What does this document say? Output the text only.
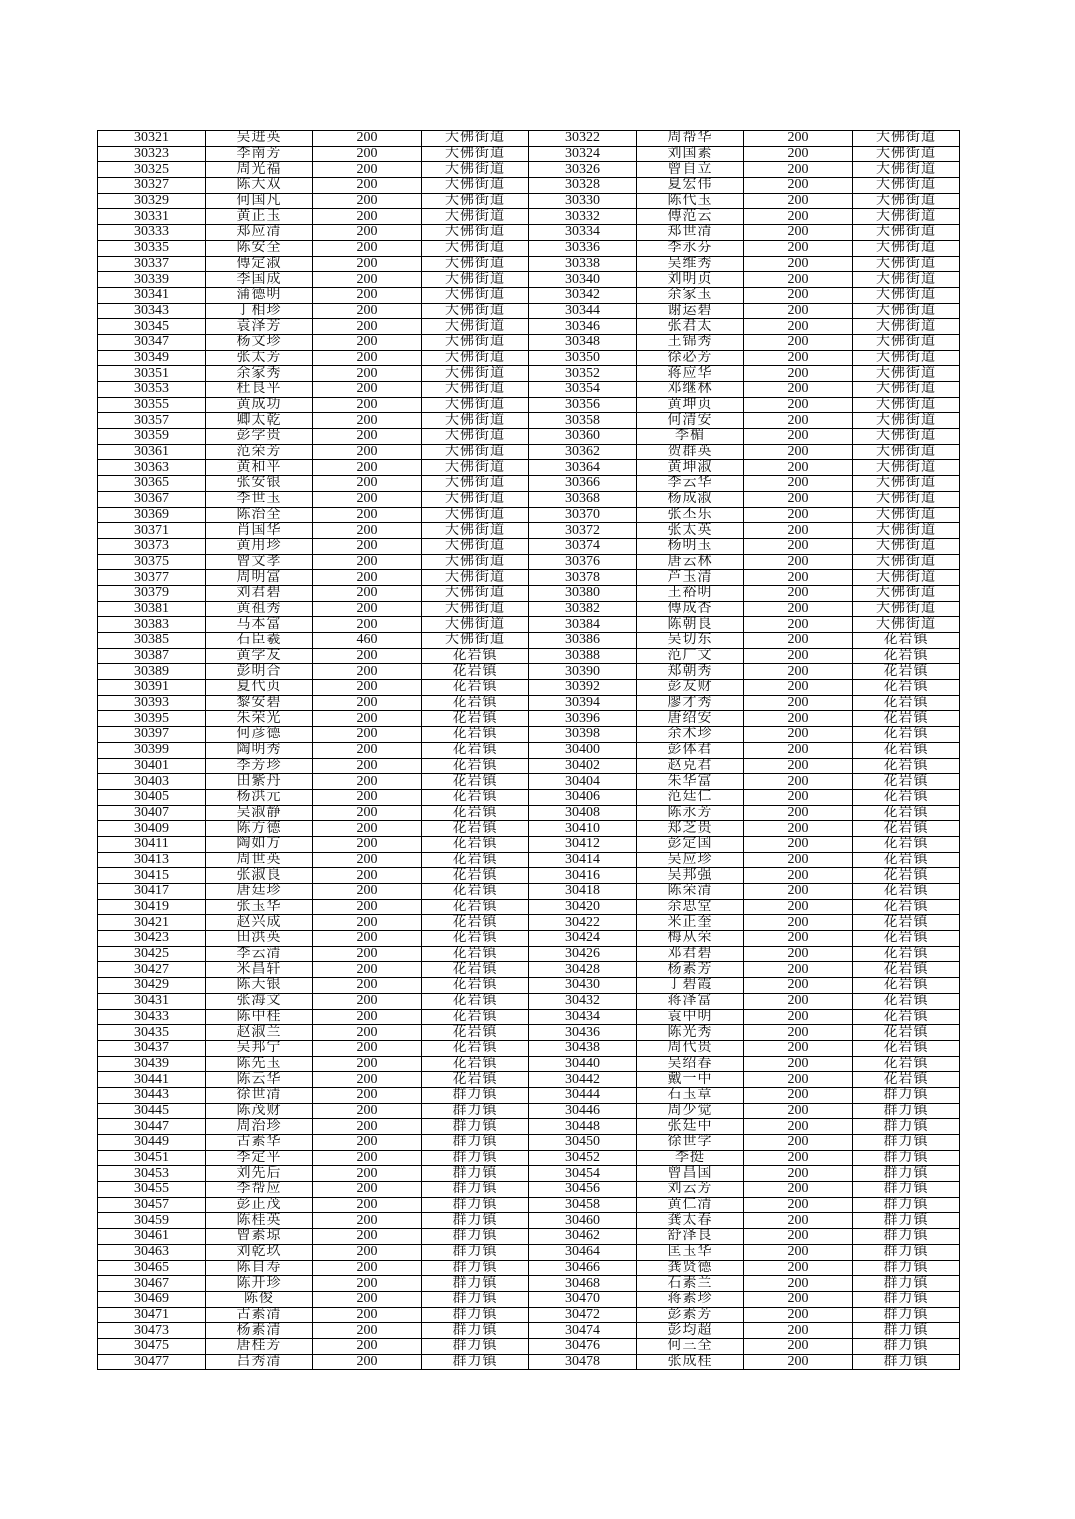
30321	吴进英	200	大佛街道	30322	周帮华	200	大佛街道
30323	李南芳	200	大佛街道	30324	刘国素	200	大佛街道
30325	周光福	200	大佛街道	30326	曾自立	200	大佛街道
30327	陈大双	200	大佛街道	30328	夏宏伟	200	大佛街道
30329	何国凡	200	大佛街道	30330	陈代玉	200	大佛街道
30331	黄正玉	200	大佛街道	30332	傅范云	200	大佛街道
30333	郑应清	200	大佛街道	30334	郑世清	200	大佛街道
30335	陈安全	200	大佛街道	30336	李永芬	200	大佛街道
30337	傅定淑	200	大佛街道	30338	吴维秀	200	大佛街道
30339	李国成	200	大佛街道	30340	刘明贞	200	大佛街道
30341	蒲德明	200	大佛街道	30342	余家玉	200	大佛街道
30343	丁相珍	200	大佛街道	30344	谢运碧	200	大佛街道
30345	袁泽芳	200	大佛街道	30346	张君太	200	大佛街道
30347	杨文珍	200	大佛街道	30348	王锦秀	200	大佛街道
30349	张太芳	200	大佛街道	30350	徐必芳	200	大佛街道
30351	余家秀	200	大佛街道	30352	蒋应华	200	大佛街道
30353	杜良平	200	大佛街道	30354	邓继林	200	大佛街道
30355	黄成功	200	大佛街道	30356	黄坤贞	200	大佛街道
30357	卿太乾	200	大佛街道	30358	何清安	200	大佛街道
30359	彭学贵	200	大佛街道	30360	李楣	200	大佛街道
30361	范荣芳	200	大佛街道	30362	贺群英	200	大佛街道
30363	黄和平	200	大佛街道	30364	黄坤淑	200	大佛街道
30365	张安银	200	大佛街道	30366	李云华	200	大佛街道
30367	李世玉	200	大佛街道	30368	杨成淑	200	大佛街道
30369	陈治全	200	大佛街道	30370	张丕乐	200	大佛街道
30371	肖国华	200	大佛街道	30372	张太英	200	大佛街道
30373	黄用珍	200	大佛街道	30374	杨明玉	200	大佛街道
30375	曾文孝	200	大佛街道	30376	唐云林	200	大佛街道
30377	周明富	200	大佛街道	30378	芦玉清	200	大佛街道
30379	刘君碧	200	大佛街道	30380	王裕明	200	大佛街道
30381	黄祖秀	200	大佛街道	30382	傅成杏	200	大佛街道
30383	马本富	200	大佛街道	30384	陈朝良	200	大佛街道
30385	石臣羲	460	大佛街道	30386	吴切东	200	花岩镇
30387	黄学友	200	花岩镇	30388	范广文	200	花岩镇
30389	彭明合	200	花岩镇	30390	郑朝秀	200	花岩镇
30391	夏代贞	200	花岩镇	30392	彭友财	200	花岩镇
30393	黎安碧	200	花岩镇	30394	廖才秀	200	花岩镇
30395	朱荣光	200	花岩镇	30396	唐绍安	200	花岩镇
30397	何彦德	200	花岩镇	30398	余术珍	200	花岩镇
30399	陶明秀	200	花岩镇	30400	彭体君	200	花岩镇
30401	李芳珍	200	花岩镇	30402	赵克君	200	花岩镇
30403	田紫丹	200	花岩镇	30404	朱华富	200	花岩镇
30405	杨洪元	200	花岩镇	30406	范廷仁	200	花岩镇
30407	吴淑静	200	花岩镇	30408	陈永芳	200	花岩镇
30409	陈方德	200	花岩镇	30410	郑芝贵	200	花岩镇
30411	陶如方	200	花岩镇	30412	彭定国	200	花岩镇
30413	周世英	200	花岩镇	30414	吴应珍	200	花岩镇
30415	张淑良	200	花岩镇	30416	吴邦强	200	花岩镇
30417	唐廷珍	200	花岩镇	30418	陈荣清	200	花岩镇
30419	张玉华	200	花岩镇	30420	余思堂	200	花岩镇
30421	赵兴成	200	花岩镇	30422	米正奎	200	花岩镇
30423	田洪英	200	花岩镇	30424	梅从荣	200	花岩镇
30425	李云清	200	花岩镇	30426	邓君碧	200	花岩镇
30427	米昌轩	200	花岩镇	30428	杨素芳	200	花岩镇
30429	陈天银	200	花岩镇	30430	丁碧霞	200	花岩镇
30431	张海文	200	花岩镇	30432	蒋泽富	200	花岩镇
30433	陈中桂	200	花岩镇	30434	袁中明	200	花岩镇
30435	赵淑兰	200	花岩镇	30436	陈光秀	200	花岩镇
30437	吴邦宁	200	花岩镇	30438	周代贵	200	花岩镇
30439	陈先玉	200	花岩镇	30440	吴绍春	200	花岩镇
30441	陈云华	200	花岩镇	30442	戴一中	200	花岩镇
30443	徐世清	200	群力镇	30444	石玉章	200	群力镇
30445	陈茂财	200	群力镇	30446	周少觉	200	群力镇
30447	周治珍	200	群力镇	30448	张廷中	200	群力镇
30449	古素华	200	群力镇	30450	徐世学	200	群力镇
30451	李定平	200	群力镇	30452	李挺	200	群力镇
30453	刘先后	200	群力镇	30454	曾昌国	200	群力镇
30455	李帮应	200	群力镇	30456	刘云芳	200	群力镇
30457	彭正茂	200	群力镇	30458	黄仁清	200	群力镇
30459	陈桂英	200	群力镇	30460	龚太春	200	群力镇
30461	曾素琼	200	群力镇	30462	舒泽良	200	群力镇
30463	刘乾玖	200	群力镇	30464	匡玉华	200	群力镇
30465	陈自寿	200	群力镇	30466	龚贤德	200	群力镇
30467	陈开珍	200	群力镇	30468	石素兰	200	群力镇
30469	陈俊	200	群力镇	30470	蒋素珍	200	群力镇
30471	古素清	200	群力镇	30472	彭素芳	200	群力镇
30473	杨素清	200	群力镇	30474	彭均超	200	群力镇
30475	唐桂芳	200	群力镇	30476	何三全	200	群力镇
30477	吕秀清	200	群力镇	30478	张成桂	200	群力镇
